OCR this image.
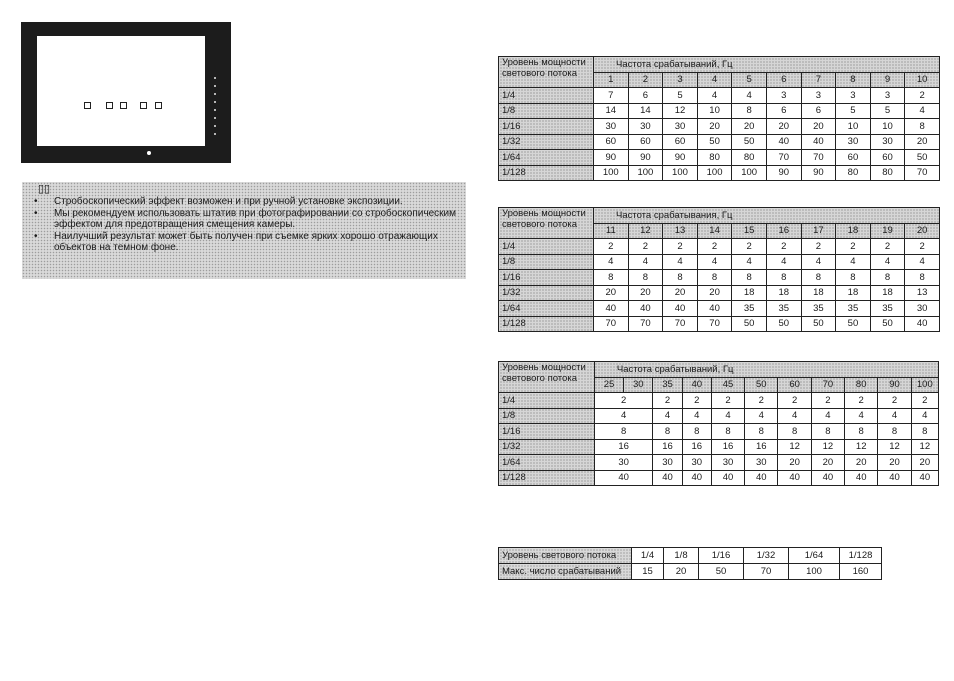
▯▯
• Стробоскопический эффект возможен и при ручной установке экспозиции.
• Мы рекомендуем использовать штатив при фотографировании со стробоскопическим эффектом для предотвращения смещения камеры.
• Наилучший результат может быть получен при съемке ярких хорошо отражающих объектов на темном фоне.
Уровень мощности светового потока	Частота срабатываний, Гц									
	1	2	3	4	5	6	7	8	9	10
1/4	7	6	5	4	4	3	3	3	3	2
1/8	14	14	12	10	8	6	6	5	5	4
1/16	30	30	30	20	20	20	20	10	10	8
1/32	60	60	60	50	50	40	40	30	30	20
1/64	90	90	90	80	80	70	70	60	60	50
1/128	100	100	100	100	100	90	90	80	80	70
Уровень мощности светового потока	Частота срабатывания, Гц									
	11	12	13	14	15	16	17	18	19	20
1/4	2	2	2	2	2	2	2	2	2	2
1/8	4	4	4	4	4	4	4	4	4	4
1/16	8	8	8	8	8	8	8	8	8	8
1/32	20	20	20	20	18	18	18	18	18	13
1/64	40	40	40	40	35	35	35	35	35	30
1/128	70	70	70	70	50	50	50	50	50	40
Уровень мощности светового потока	Частота срабатываний, Гц										
	25	30	35	40	45	50	60	70	80	90	100
1/4	2		2	2	2	2	2	2	2	2	2
1/8	4		4	4	4	4	4	4	4	4	4
1/16	8		8	8	8	8	8	8	8	8	8
1/32	16		16	16	16	16	12	12	12	12	12
1/64	30		30	30	30	30	20	20	20	20	20
1/128	40		40	40	40	40	40	40	40	40	40
Уровень светового потока	1/4	1/8	1/16	1/32	1/64	1/128
Макс. число срабатываний	15	20	50	70	100	160
